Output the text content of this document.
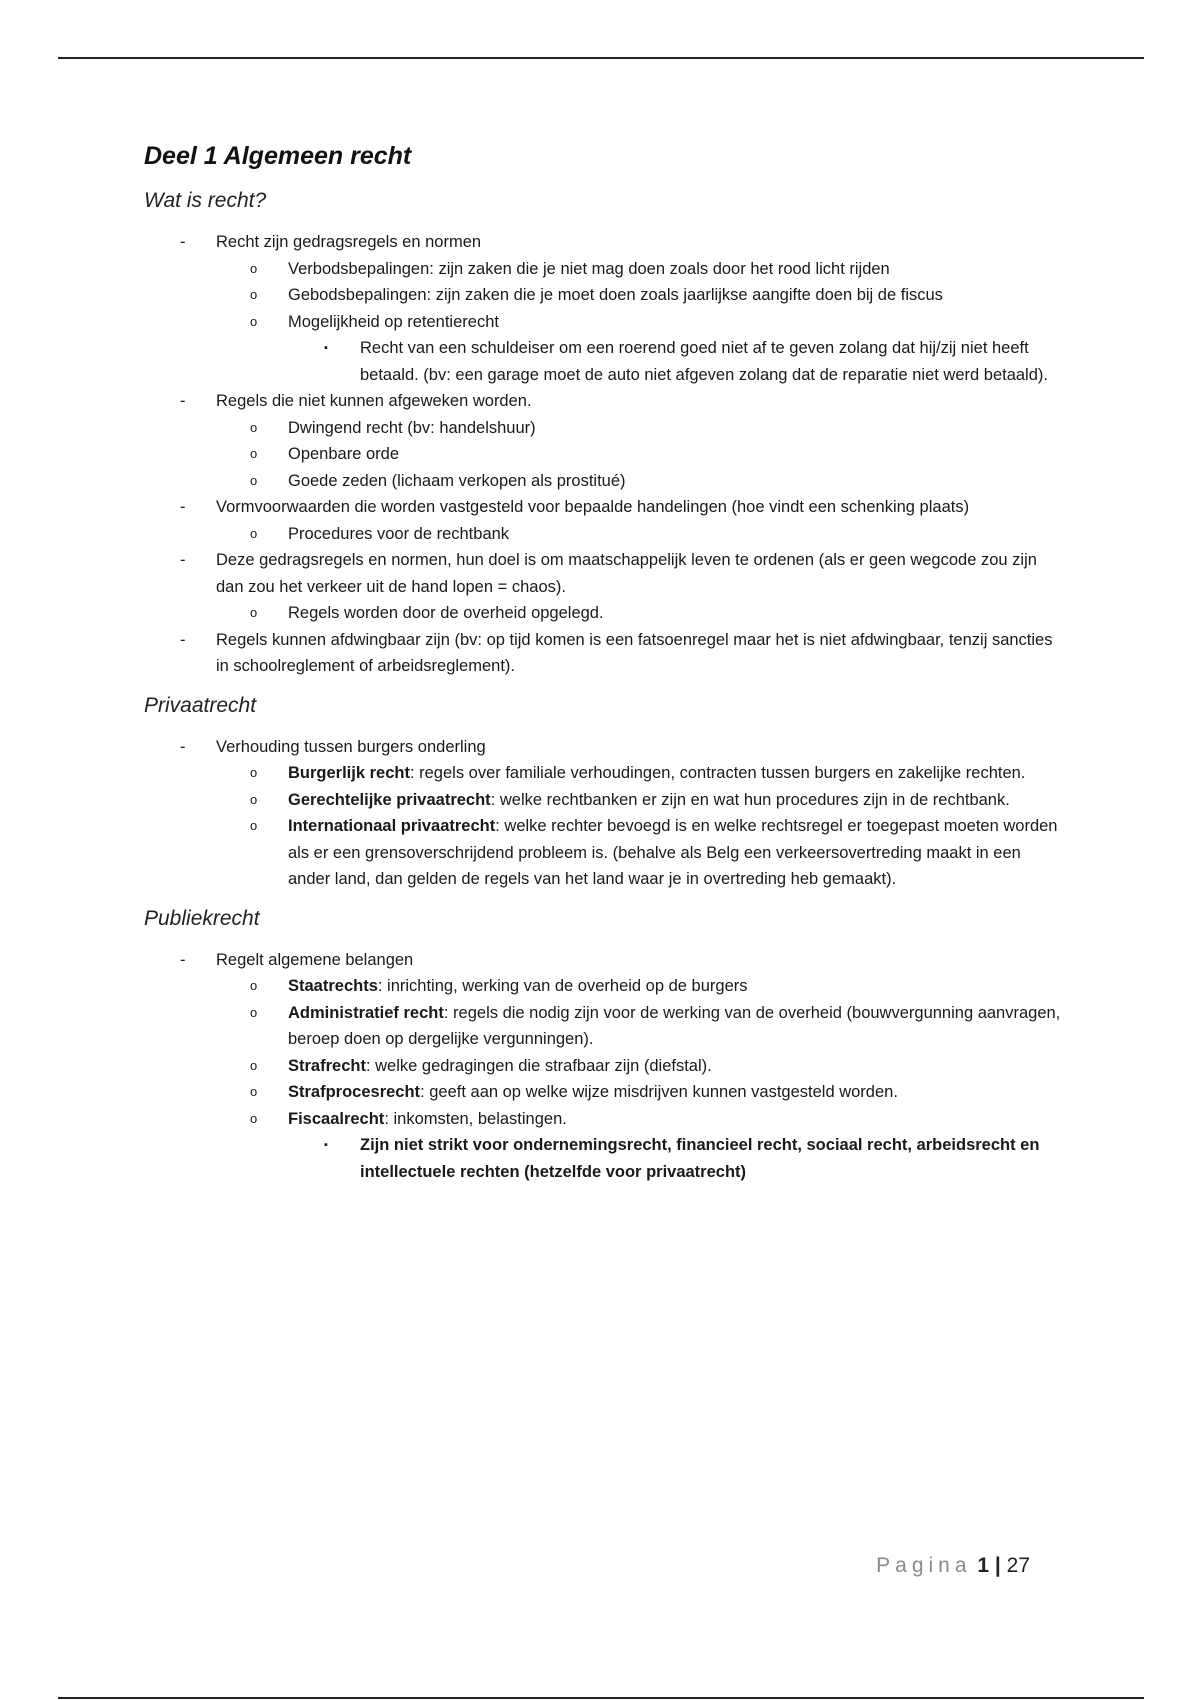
Deel 1 Algemeen recht
Wat is recht?
- Recht zijn gedragsregels en normen
o Verbodsbepalingen: zijn zaken die je niet mag doen zoals door het rood licht rijden
o Gebodsbepalingen: zijn zaken die je moet doen zoals jaarlijkse aangifte doen bij de fiscus
o Mogelijkheid op retentierecht
▪ Recht van een schuldeiser om een roerend goed niet af te geven zolang dat hij/zij niet heeft betaald. (bv: een garage moet de auto niet afgeven zolang dat de reparatie niet werd betaald).
- Regels die niet kunnen afgeweken worden.
o Dwingend recht (bv: handelshuur)
o Openbare orde
o Goede zeden (lichaam verkopen als prostitué)
- Vormvoorwaarden die worden vastgesteld voor bepaalde handelingen (hoe vindt een schenking plaats)
o Procedures voor de rechtbank
- Deze gedragsregels en normen, hun doel is om maatschappelijk leven te ordenen (als er geen wegcode zou zijn dan zou het verkeer uit de hand lopen = chaos).
o Regels worden door de overheid opgelegd.
- Regels kunnen afdwingbaar zijn (bv: op tijd komen is een fatsoenregel maar het is niet afdwingbaar, tenzij sancties in schoolreglement of arbeidsreglement).
Privaatrecht
- Verhouding tussen burgers onderling
o Burgerlijk recht: regels over familiale verhoudingen, contracten tussen burgers en zakelijke rechten.
o Gerechtelijke privaatrecht: welke rechtbanken er zijn en wat hun procedures zijn in de rechtbank.
o Internationaal privaatrecht: welke rechter bevoegd is en welke rechtsregel er toegepast moeten worden als er een grensoverschrijdend probleem is. (behalve als Belg een verkeersovertreding maakt in een ander land, dan gelden de regels van het land waar je in overtreding heb gemaakt).
Publiekrecht
- Regelt algemene belangen
o Staatrechts: inrichting, werking van de overheid op de burgers
o Administratief recht: regels die nodig zijn voor de werking van de overheid (bouwvergunning aanvragen, beroep doen op dergelijke vergunningen).
o Strafrecht: welke gedragingen die strafbaar zijn (diefstal).
o Strafprocesrecht: geeft aan op welke wijze misdrijven kunnen vastgesteld worden.
o Fiscaalrecht: inkomsten, belastingen.
▪ Zijn niet strikt voor ondernemingsrecht, financieel recht, sociaal recht, arbeidsrecht en intellectuele rechten (hetzelfde voor privaatrecht)
Pagina 1 | 27
